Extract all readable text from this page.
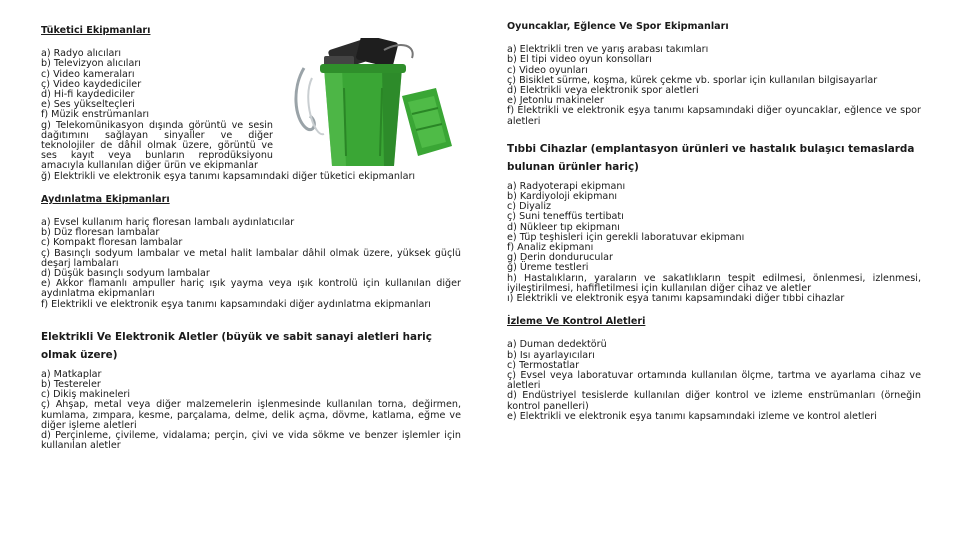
Tüketici Ekipmanları
a) Radyo alıcıları
b) Televizyon alıcıları
c) Video kameraları
ç) Video kaydediciler
d) Hi-fi kaydediciler
e) Ses yükselteçleri
f) Müzik enstrümanları
g) Telekomünikasyon dışında görüntü ve sesin dağıtımını sağlayan sinyaller ve diğer teknolojiler de dâhil olmak üzere, görüntü ve ses kayıt veya bunların reprodüksiyonu amacıyla kullanılan diğer ürün ve ekipmanlar
ğ) Elektrikli ve elektronik eşya tanımı kapsamındaki diğer tüketici ekipmanları
Aydınlatma Ekipmanları
a) Evsel kullanım hariç floresan lambalı aydınlatıcılar
b) Düz floresan lambalar
c) Kompakt floresan lambalar
ç) Basınçlı sodyum lambalar ve metal halit lambalar dâhil olmak üzere, yüksek güçlü deşarj lambaları
d) Düşük basınçlı sodyum lambalar
e) Akkor flamanlı ampuller hariç ışık yayma veya ışık kontrolü için kullanılan diğer aydınlatma ekipmanları
f) Elektrikli ve elektronik eşya tanımı kapsamındaki diğer aydınlatma ekipmanları
Elektrikli Ve Elektronik Aletler (büyük ve sabit sanayi aletleri hariç olmak üzere)
a) Matkaplar
b) Testereler
c) Dikiş makineleri
ç) Ahşap, metal veya diğer malzemelerin işlenmesinde kullanılan torna, değirmen, kumlama, zımpara, kesme, parçalama, delme, delik açma, dövme, katlama, eğme ve diğer işleme aletleri
d) Perçinleme, çivileme, vidalama; perçin, çivi ve vida sökme ve benzer işlemler için kullanılan aletler
Oyuncaklar, Eğlence Ve Spor Ekipmanları
a) Elektrikli tren ve yarış arabası takımları
b) El tipi video oyun konsolları
c) Video oyunları
ç) Bisiklet sürme, koşma, kürek çekme vb. sporlar için kullanılan bilgisayarlar
d) Elektrikli veya elektronik spor aletleri
e) Jetonlu makineler
f) Elektrikli ve elektronik eşya tanımı kapsamındaki diğer oyuncaklar, eğlence ve spor aletleri
Tıbbi Cihazlar (emplantasyon ürünleri ve hastalık bulaşıcı temaslarda bulunan ürünler hariç)
a) Radyoterapi ekipmanı
b) Kardiyoloji ekipmanı
c) Diyaliz
ç) Suni teneffüs tertibatı
d) Nükleer tıp ekipmanı
e) Tüp teşhisleri için gerekli laboratuvar ekipmanı
f) Analiz ekipmanı
g) Derin dondurucular
ğ) Üreme testleri
h) Hastalıkların, yaraların ve sakatlıkların tespit edilmesi, önlenmesi, izlenmesi, iyileştirilmesi, hafifletilmesi için kullanılan diğer cihaz ve aletler
ı) Elektrikli ve elektronik eşya tanımı kapsamındaki diğer tıbbi cihazlar
İzleme Ve Kontrol Aletleri
a) Duman dedektörü
b) Isı ayarlayıcıları
c) Termostatlar
ç) Evsel veya laboratuvar ortamında kullanılan ölçme, tartma ve ayarlama cihaz ve aletleri
d) Endüstriyel tesislerde kullanılan diğer kontrol ve izleme enstrümanları (örneğin kontrol panelleri)
e) Elektrikli ve elektronik eşya tanımı kapsamındaki izleme ve kontrol aletleri
